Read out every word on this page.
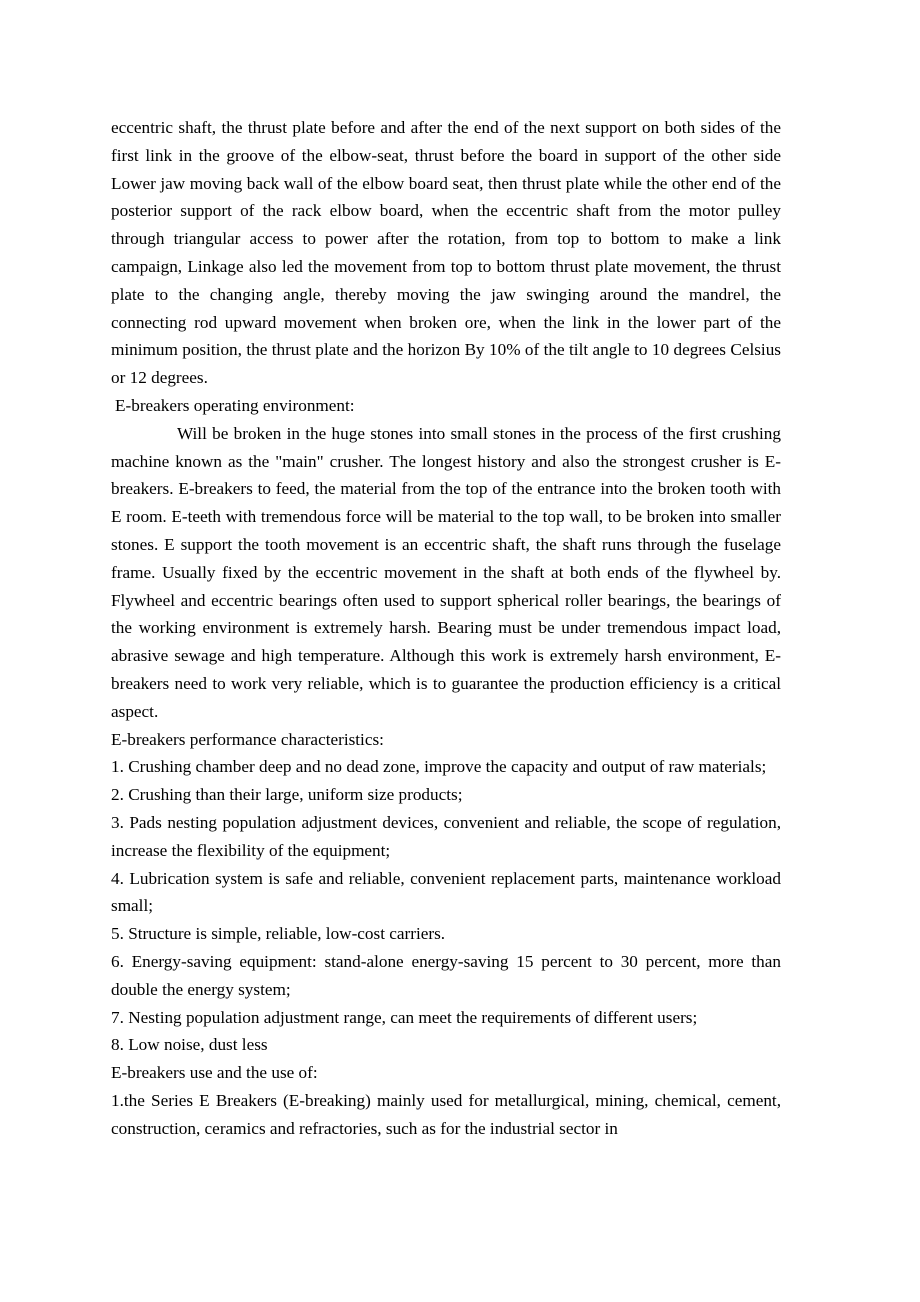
eccentric shaft, the thrust plate before and after the end of the next support on both sides of the first link in the groove of the elbow-seat, thrust before the board in support of the other side Lower jaw moving back wall of the elbow board seat, then thrust plate while the other end of the posterior support of the rack elbow board, when the eccentric shaft from the motor pulley through triangular access to power after the rotation, from top to bottom to make a link campaign, Linkage also led the movement from top to bottom thrust plate movement, the thrust plate to the changing angle, thereby moving the jaw swinging around the mandrel, the connecting rod upward movement when broken ore, when the link in the lower part of the minimum position, the thrust plate and the horizon By 10% of the tilt angle to 10 degrees Celsius or 12 degrees.

E-breakers operating environment:

Will be broken in the huge stones into small stones in the process of the first crushing machine known as the "main" crusher. The longest history and also the strongest crusher is E-breakers. E-breakers to feed, the material from the top of the entrance into the broken tooth with E room. E-teeth with tremendous force will be material to the top wall, to be broken into smaller stones. E support the tooth movement is an eccentric shaft, the shaft runs through the fuselage frame. Usually fixed by the eccentric movement in the shaft at both ends of the flywheel by. Flywheel and eccentric bearings often used to support spherical roller bearings, the bearings of the working environment is extremely harsh. Bearing must be under tremendous impact load, abrasive sewage and high temperature. Although this work is extremely harsh environment, E-breakers need to work very reliable, which is to guarantee the production efficiency is a critical aspect.

E-breakers performance characteristics:

1. Crushing chamber deep and no dead zone, improve the capacity and output of raw materials;

2. Crushing than their large, uniform size products;

3. Pads nesting population adjustment devices, convenient and reliable, the scope of regulation, increase the flexibility of the equipment;

4. Lubrication system is safe and reliable, convenient replacement parts, maintenance workload small;

5. Structure is simple, reliable, low-cost carriers.

6. Energy-saving equipment: stand-alone energy-saving 15 percent to 30 percent, more than double the energy system;

7. Nesting population adjustment range, can meet the requirements of different users;

8. Low noise, dust less

E-breakers use and the use of:

1.the Series E Breakers (E-breaking) mainly used for metallurgical, mining, chemical, cement, construction, ceramics and refractories, such as for the industrial sector in
